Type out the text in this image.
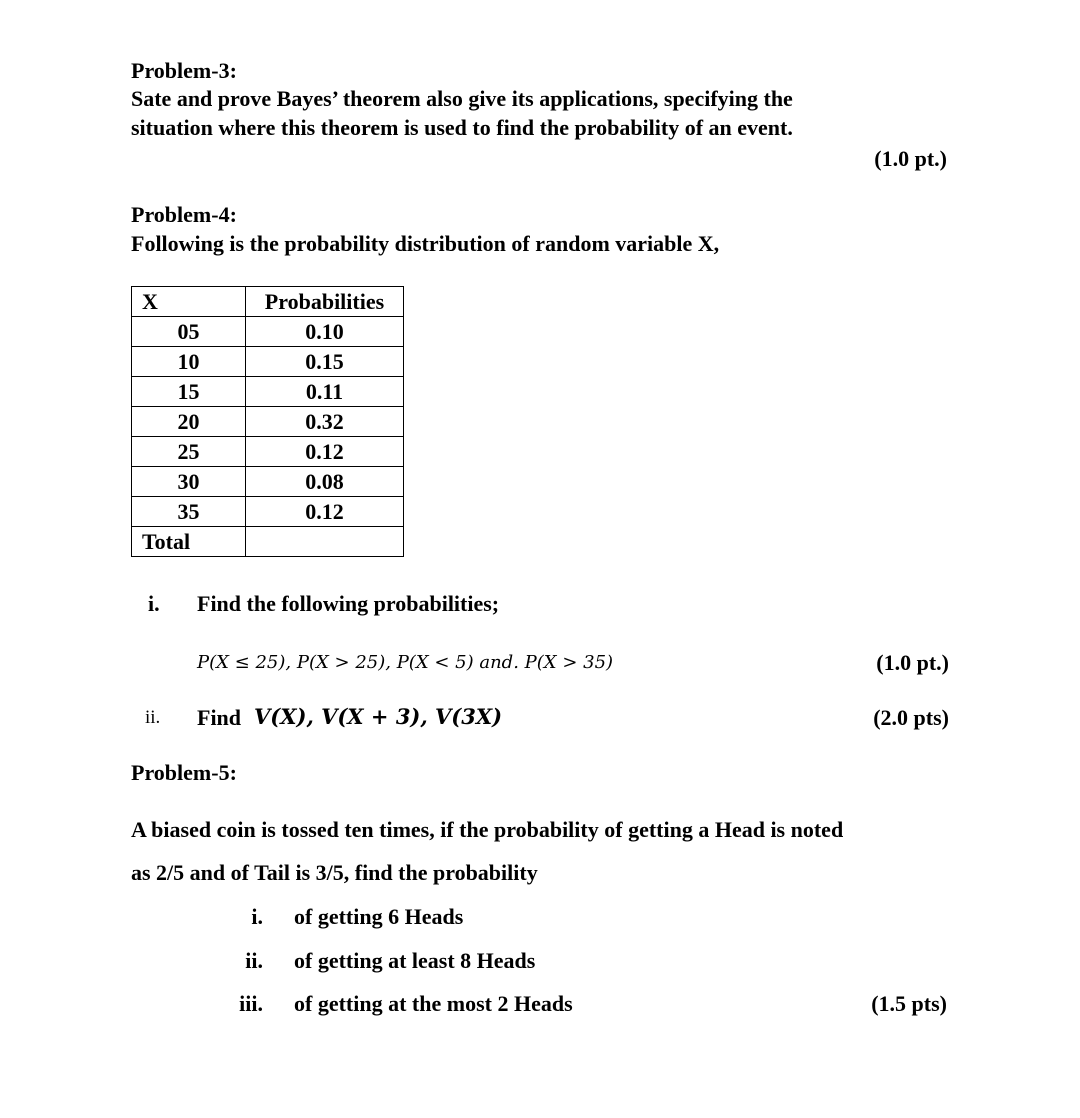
Problem-3:
Sate and prove Bayes’ theorem also give its applications, specifying the
situation where this theorem is used to find the probability of an event.
(1.0 pt.)
Problem-4:
Following is the probability distribution of random variable X,
X	Probabilities
05	0.10
10	0.15
15	0.11
20	0.32
25	0.12
30	0.08
35	0.12
Total	
i. Find the following probabilities;
P(X ≤ 25), P(X > 25), P(X < 5) and. P(X > 35)	(1.0 pt.)
ii. Find V(X), V(X + 3), V(3X)	(2.0 pts)
Problem-5:
A biased coin is tossed ten times, if the probability of getting a Head is noted
as 2/5 and of Tail is 3/5, find the probability
i. of getting 6 Heads
ii. of getting at least 8 Heads
iii. of getting at the most 2 Heads	(1.5 pts)
